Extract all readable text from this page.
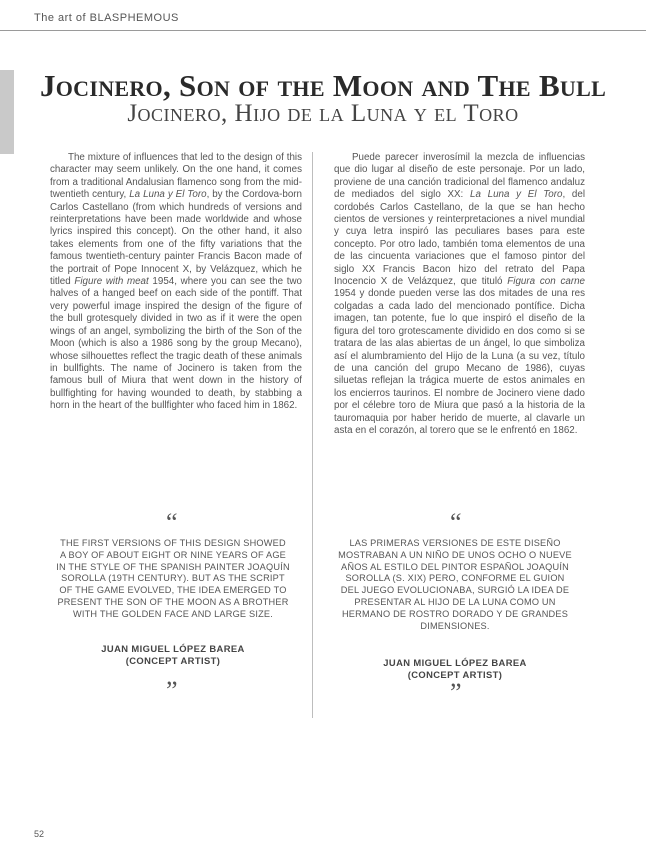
The art of BLASPHEMOUS
Jocinero, Son of the Moon and The Bull
Jocinero, Hijo de la Luna y el Toro

The mixture of influences that led to the design of this character may seem unlikely. On the one hand, it comes from a traditional Andalusian flamenco song from the mid-twentieth century, La Luna y El Toro, by the Cordova-born Carlos Castellano (from which hundreds of versions and reinterpretations have been made worldwide and whose lyrics inspired this concept). On the other hand, it also takes elements from one of the fifty variations that the famous twentieth-century painter Francis Bacon made of the portrait of Pope Innocent X, by Velázquez, which he titled Figure with meat 1954, where you can see the two halves of a hanged beef on each side of the pontiff. That very powerful image inspired the design of the figure of the bull grotesquely divided in two as if it were the open wings of an angel, symbolizing the birth of the Son of the Moon (which is also a 1986 song by the group Mecano), whose silhouettes reflect the tragic death of these animals in bullfights. The name of Jocinero is taken from the famous bull of Miura that went down in the history of bullfighting for having wounded to death, by stabbing a horn in the heart of the bullfighter who faced him in 1862.

Puede parecer inverosímil la mezcla de influencias que dio lugar al diseño de este personaje. Por un lado, proviene de una canción tradicional del flamenco andaluz de mediados del siglo XX: La Luna y El Toro, del cordobés Carlos Castellano, de la que se han hecho cientos de versiones y reinterpretaciones a nivel mundial y cuya letra inspiró las peculiares bases para este concepto. Por otro lado, también toma elementos de una de las cincuenta variaciones que el famoso pintor del siglo XX Francis Bacon hizo del retrato del Papa Inocencio X de Velázquez, que tituló Figura con carne 1954 y donde pueden verse las dos mitades de una res colgadas a cada lado del mencionado pontífice. Dicha imagen, tan potente, fue lo que inspiró el diseño de la figura del toro grotescamente dividido en dos como si se tratara de las alas abiertas de un ángel, lo que simboliza así el alumbramiento del Hijo de la Luna (a su vez, título de una canción del grupo Mecano de 1986), cuyas siluetas reflejan la trágica muerte de estos animales en los encierros taurinos. El nombre de Jocinero viene dado por el célebre toro de Miura que pasó a la historia de la tauromaquia por haber herido de muerte, al clavarle un asta en el corazón, al torero que se le enfrentó en 1862.

“
THE FIRST VERSIONS OF THIS DESIGN SHOWED A BOY OF ABOUT EIGHT OR NINE YEARS OF AGE IN THE STYLE OF THE SPANISH PAINTER JOAQUÍN SOROLLA (19TH CENTURY). BUT AS THE SCRIPT OF THE GAME EVOLVED, THE IDEA EMERGED TO PRESENT THE SON OF THE MOON AS A BROTHER WITH THE GOLDEN FACE AND LARGE SIZE.
JUAN MIGUEL LÓPEZ BAREA
(CONCEPT ARTIST)
”
“
LAS PRIMERAS VERSIONES DE ESTE DISEÑO MOSTRABAN A UN NIÑO DE UNOS OCHO O NUEVE AÑOS AL ESTILO DEL PINTOR ESPAÑOL JOAQUÍN SOROLLA (S. XIX) PERO, CONFORME EL GUION DEL JUEGO EVOLUCIONABA, SURGIÓ LA IDEA DE PRESENTAR AL HIJO DE LA LUNA COMO UN HERMANO DE ROSTRO DORADO Y DE GRANDES DIMENSIONES.
JUAN MIGUEL LÓPEZ BAREA
(CONCEPT ARTIST)
”
52
